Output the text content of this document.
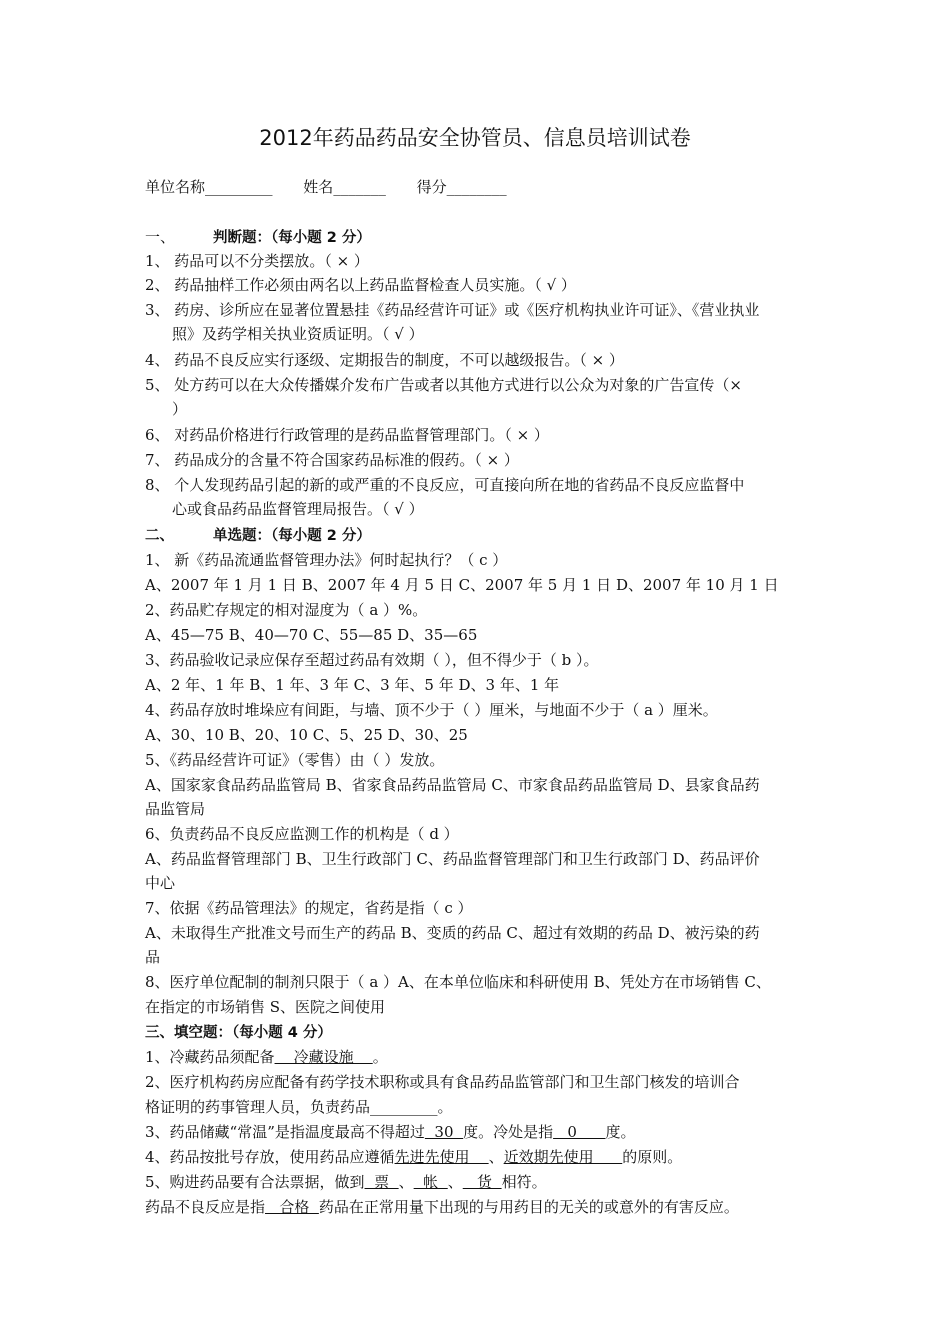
2012年药品药品安全协管员、信息员培训试卷
单位名称_________ 姓名_______ 得分________
一、	判断题：（每小题 2 分）
1、 药品可以不分类摆放。（ × ）
2、 药品抽样工作必须由两名以上药品监督检查人员实施。（ √ ）
3、 药房、诊所应在显著位置悬挂《药品经营许可证》或《医疗机构执业许可证》、《营业执业
照》及药学相关执业资质证明。（ √ ）
4、 药品不良反应实行逐级、定期报告的制度，不可以越级报告。（ × ）
5、 处方药可以在大众传播媒介发布广告或者以其他方式进行以公众为对象的广告宣传（×
）
6、 对药品价格进行行政管理的是药品监督管理部门。（ × ）
7、 药品成分的含量不符合国家药品标准的假药。（ × ）
8、 个人发现药品引起的新的或严重的不良反应，可直接向所在地的省药品不良反应监督中
心或食品药品监督管理局报告。（ √ ）
二、	单选题：（每小题 2 分）
1、 新《药品流通监督管理办法》何时起执行？（ c ）
A、2007 年 1 月 1 日 B、2007 年 4 月 5 日 C、2007 年 5 月 1 日 D、2007 年 10 月 1 日
2、药品贮存规定的相对湿度为（ a ）%。
A、45—75 B、40—70 C、55—85 D、35—65
3、药品验收记录应保存至超过药品有效期（ ），但不得少于（ b ）。
A、2 年、1 年 B、1 年、3 年 C、3 年、5 年 D、3 年、1 年
4、药品存放时堆垛应有间距，与墙、顶不少于（ ）厘米，与地面不少于（ a ）厘米。
A、30、10 B、20、10 C、5、25 D、30、25
5、《药品经营许可证》（零售）由（ ）发放。
A、国家家食品药品监管局 B、省家食品药品监管局 C、市家食品药品监管局 D、县家食品药
品监管局
6、负责药品不良反应监测工作的机构是（ d ）
A、药品监督管理部门 B、卫生行政部门 C、药品监督管理部门和卫生行政部门 D、药品评价
中心
7、依据《药品管理法》的规定，省药是指（ c ）
A、未取得生产批准文号而生产的药品 B、变质的药品 C、超过有效期的药品 D、被污染的药
品
8、医疗单位配制的制剂只限于（ a ）A、在本单位临床和科研使用 B、凭处方在市场销售 C、
在指定的市场销售 S、医院之间使用
三、填空题：（每小题 4 分）
1、冷藏药品须配备    冷藏设施    。
2、医疗机构药房应配备有药学技术职称或具有食品药品监管部门和卫生部门核发的培训合
格证明的药事管理人员，负责药品_________。
3、药品储藏“常温”是指温度最高不得超过  30  度。冷处是指   0      度。
4、药品按批号存放，使用药品应遵循先进先使用    、近效期先使用      的原则。
5、购进药品要有合法票据，做到  票  、  帐  、   货  相符。
药品不良反应是指   合格  药品在正常用量下出现的与用药目的无关的或意外的有害反应。
